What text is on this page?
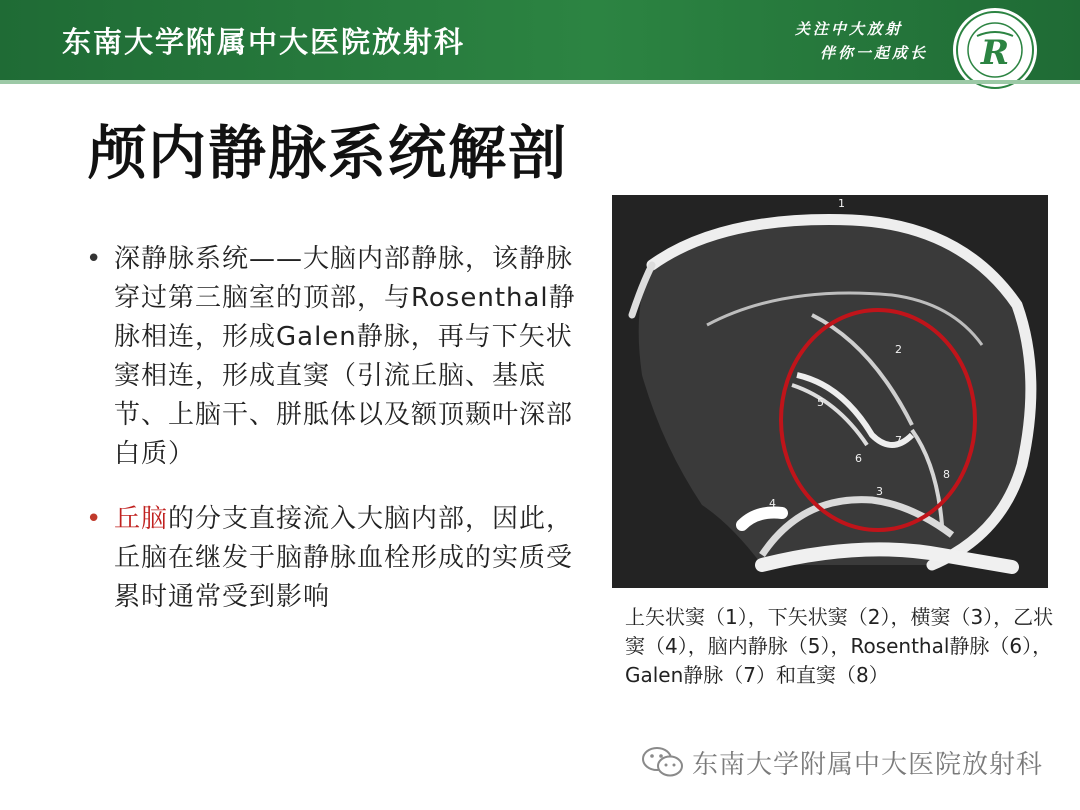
东南大学附属中大医院放射科	关注中大放射
伴你一起成长 R
颅内静脉系统解剖
• 深静脉系统——大脑内部静脉，该静脉穿过第三脑室的顶部，与Rosenthal静脉相连，形成Galen静脉，再与下矢状窦相连，形成直窦（引流丘脑、基底节、上脑干、胼胝体以及额顶颞叶深部白质）
• 丘脑的分支直接流入大脑内部，因此，丘脑在继发于脑静脉血栓形成的实质受累时通常受到影响
1
2
3
4
5
6
7
8
上矢状窦（1），下矢状窦（2），横窦（3），乙状窦（4），脑内静脉（5），Rosenthal静脉（6），Galen静脉（7）和直窦（8）
东南大学附属中大医院放射科
